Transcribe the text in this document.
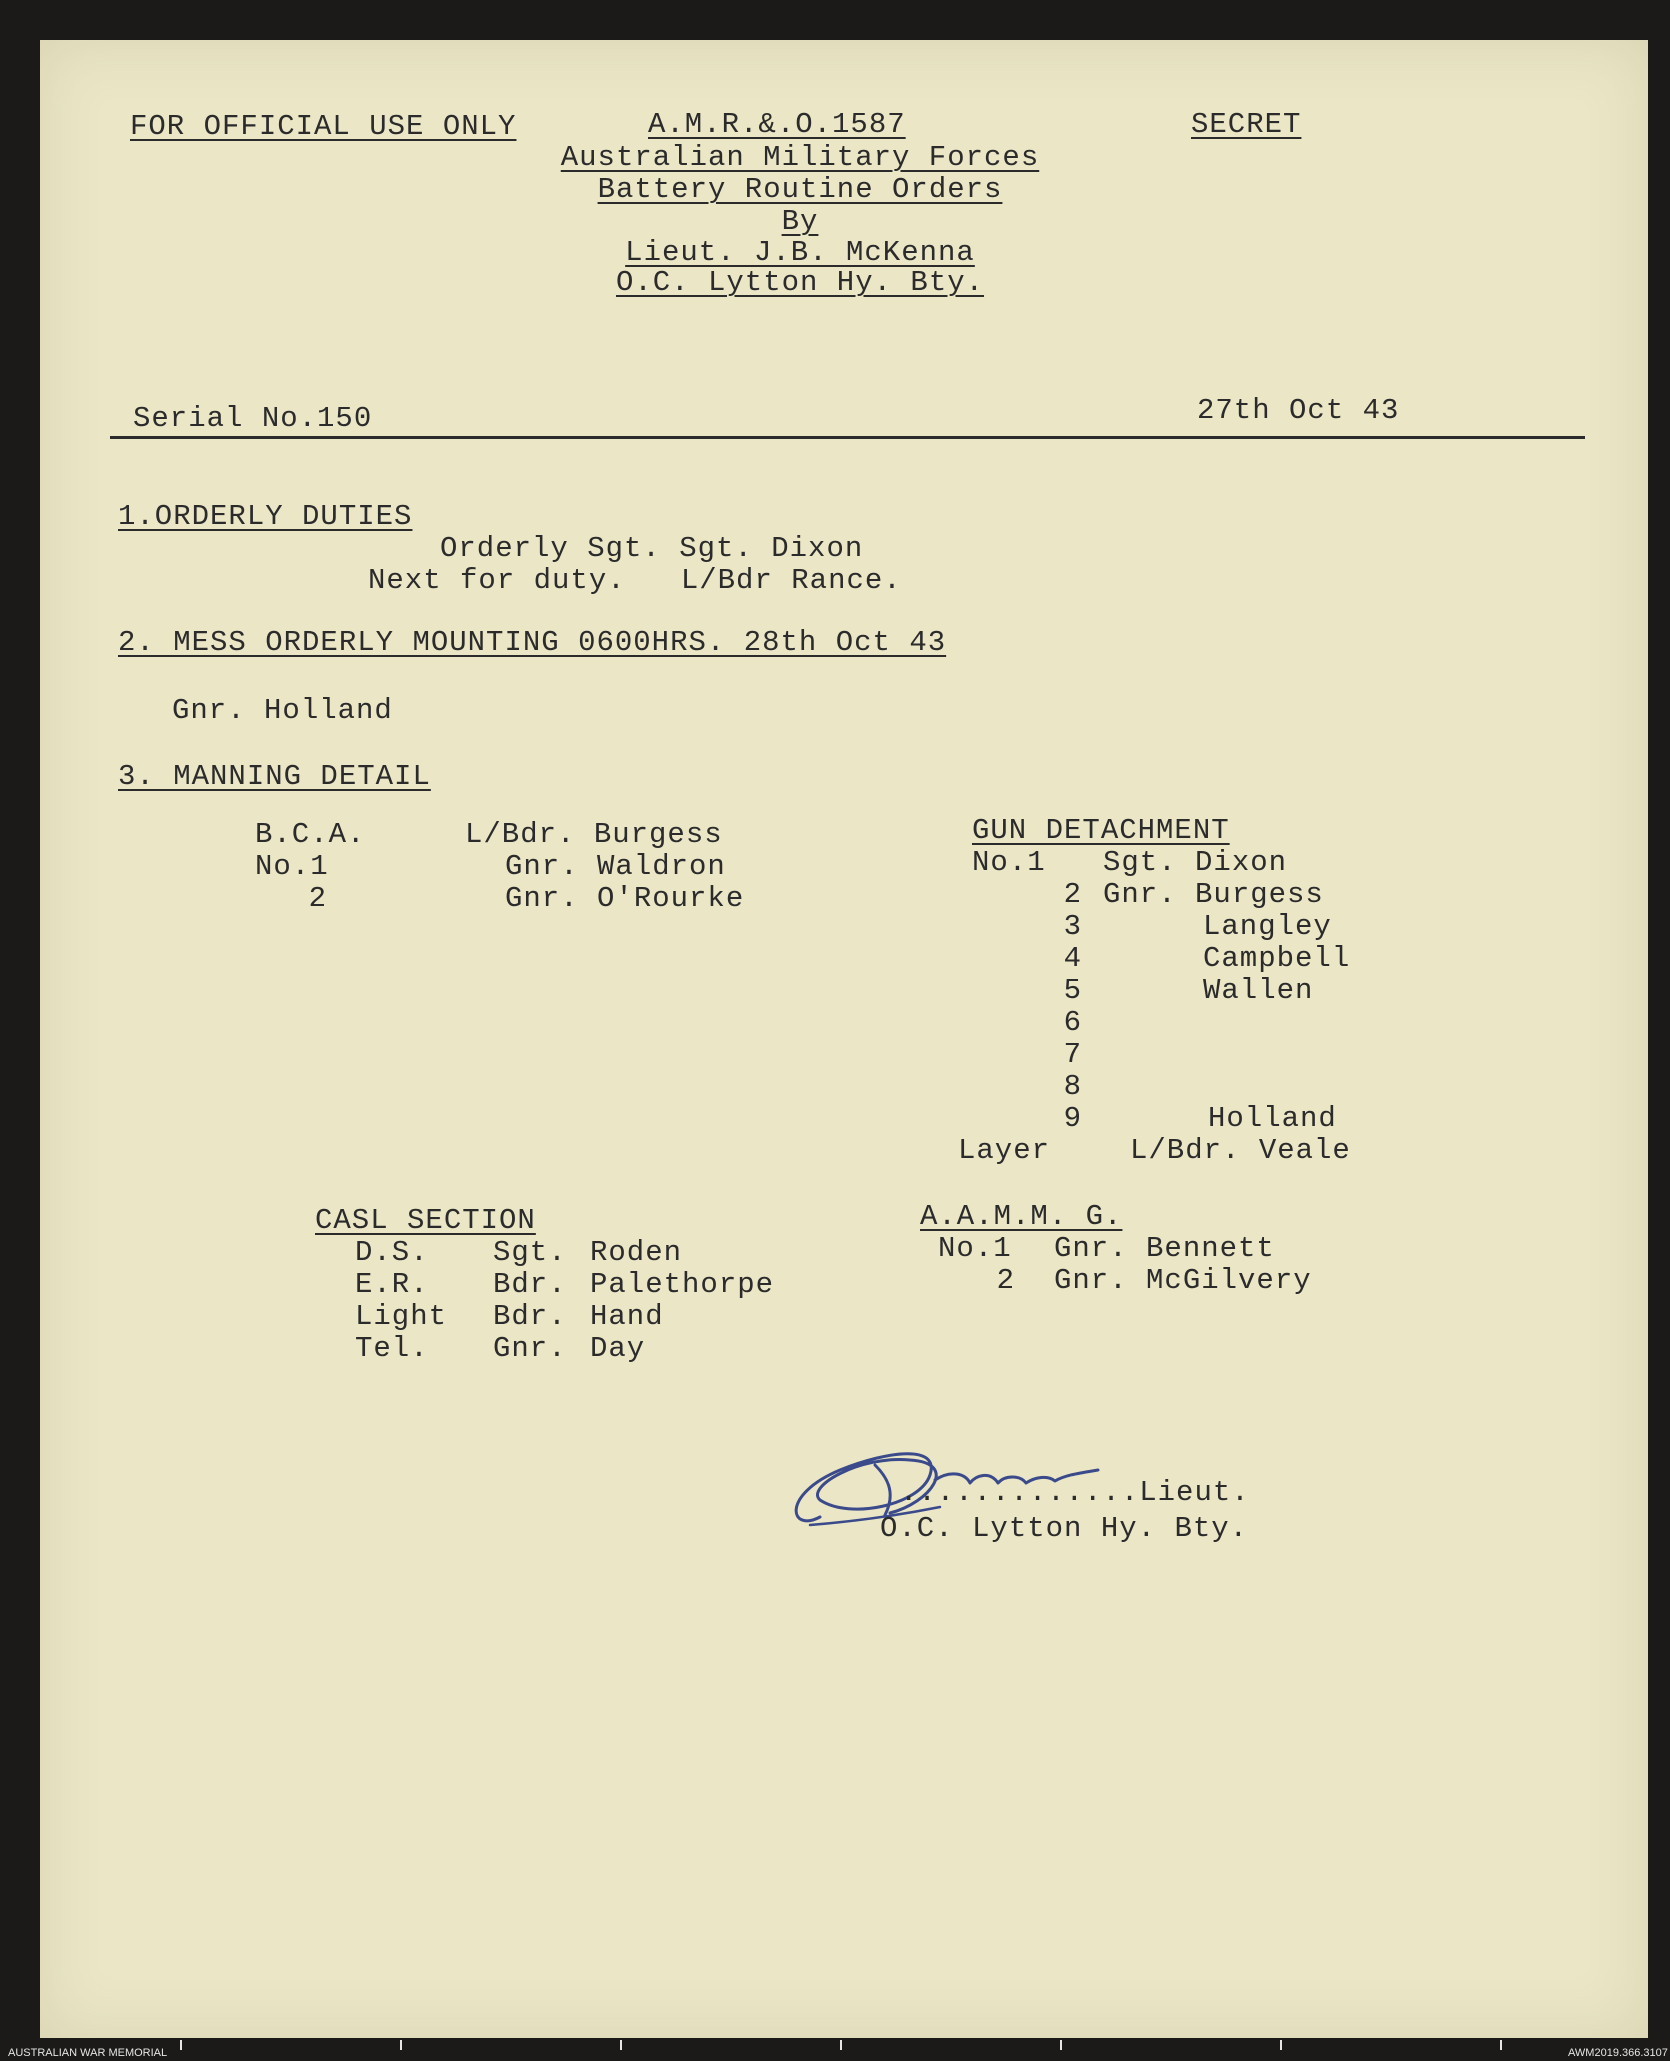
FOR OFFICIAL USE ONLY	A.M.R.&.O.1587	SECRET
Australian Military Forces
Battery Routine Orders
By
Lieut. J.B. McKenna
O.C. Lytton Hy. Bty.
Serial No.150	27th Oct 43
1.ORDERLY DUTIES
Orderly Sgt. Sgt. Dixon
Next for duty.   L/Bdr Rance.
2. MESS ORDERLY MOUNTING 0600HRS. 28th Oct 43
Gnr. Holland
3. MANNING DETAIL
B.C.A.	L/Bdr. Burgess
No.1	Gnr. Waldron
2	Gnr. O'Rourke
GUN DETACHMENT
No.1 Sgt. Dixon
2 Gnr. Burgess
3	Langley
4	Campbell
5	Wallen
6
7
8
9	Holland
Layer	L/Bdr. Veale
CASL SECTION
D.S. Sgt. Roden
E.R. Bdr. Palethorpe
Light Bdr. Hand
Tel. Gnr. Day
A.A.M.M. G.
No.1 Gnr. Bennett
2 Gnr. McGilvery
.............Lieut.
O.C. Lytton Hy. Bty.
AUSTRALIAN WAR MEMORIAL	AWM2019.366.3107
